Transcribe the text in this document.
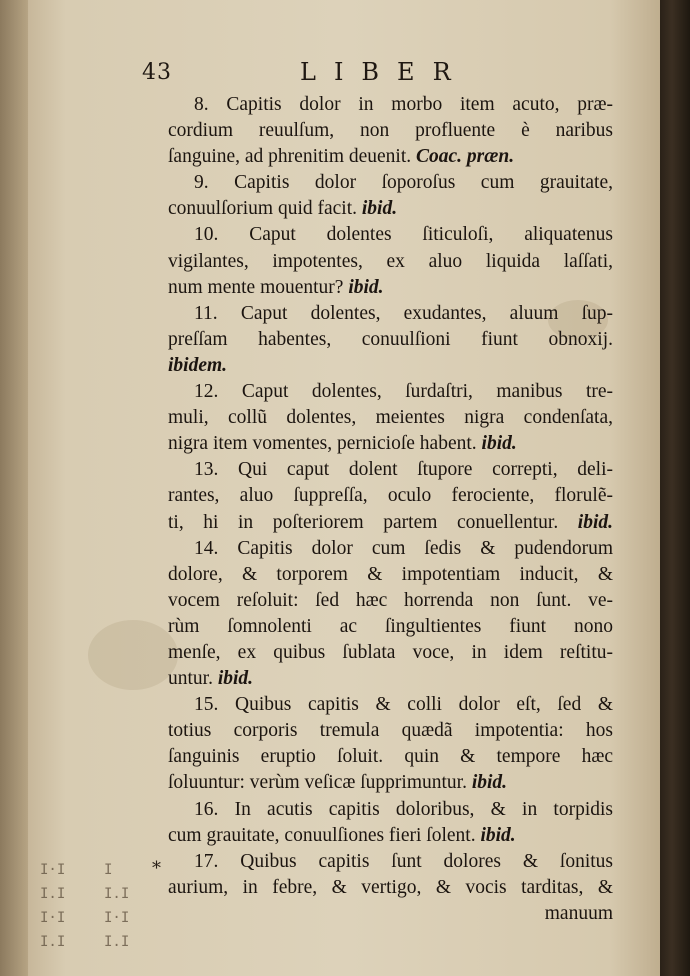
43	LIBER
8. Capitis dolor in morbo item acuto, præ-
cordium reuulſum, non profluente è naribus
ſanguine, ad phrenitim deuenit. Coac. præn.
9. Capitis dolor ſoporoſus cum grauitate,
conuulſorium quid facit. ibid.
10. Caput dolentes ſiticuloſi, aliquatenus
vigilantes, impotentes, ex aluo liquida laſſati,
num mente mouentur? ibid.
11. Caput dolentes, exudantes, aluum ſup-
preſſam habentes, conuulſioni fiunt obnoxij.
ibidem.
12. Caput dolentes, ſurdaſtri, manibus tre-
muli, collũ dolentes, meientes nigra condenſata,
nigra item vomentes, pernicioſe habent. ibid.
13. Qui caput dolent ſtupore correpti, deli-
rantes, aluo ſuppreſſa, oculo ferociente, florulẽ-
ti, hi in poſteriorem partem conuellentur. ibid.
14. Capitis dolor cum ſedis & pudendorum
dolore, & torporem & impotentiam inducit, &
vocem reſoluit: ſed hæc horrenda non ſunt. ve-
rùm ſomnolenti ac ſingultientes fiunt nono
menſe, ex quibus ſublata voce, in idem reſtitu-
untur. ibid.
15. Quibus capitis & colli dolor eſt, ſed &
totius corporis tremula quædã impotentia: hos
ſanguinis eruptio ſoluit. quin & tempore hæc
ſoluuntur: verùm veſicæ ſupprimuntur. ibid.
16. In acutis capitis doloribus, & in torpidis
cum grauitate, conuulſiones fieri ſolent. ibid.
17. Quibus capitis ſunt dolores & ſonitus
aurium, in febre, & vertigo, & vocis tarditas, &
manuum
*
I·I	I
I.I	I.I
I·I	I·I
I.I	I.I
